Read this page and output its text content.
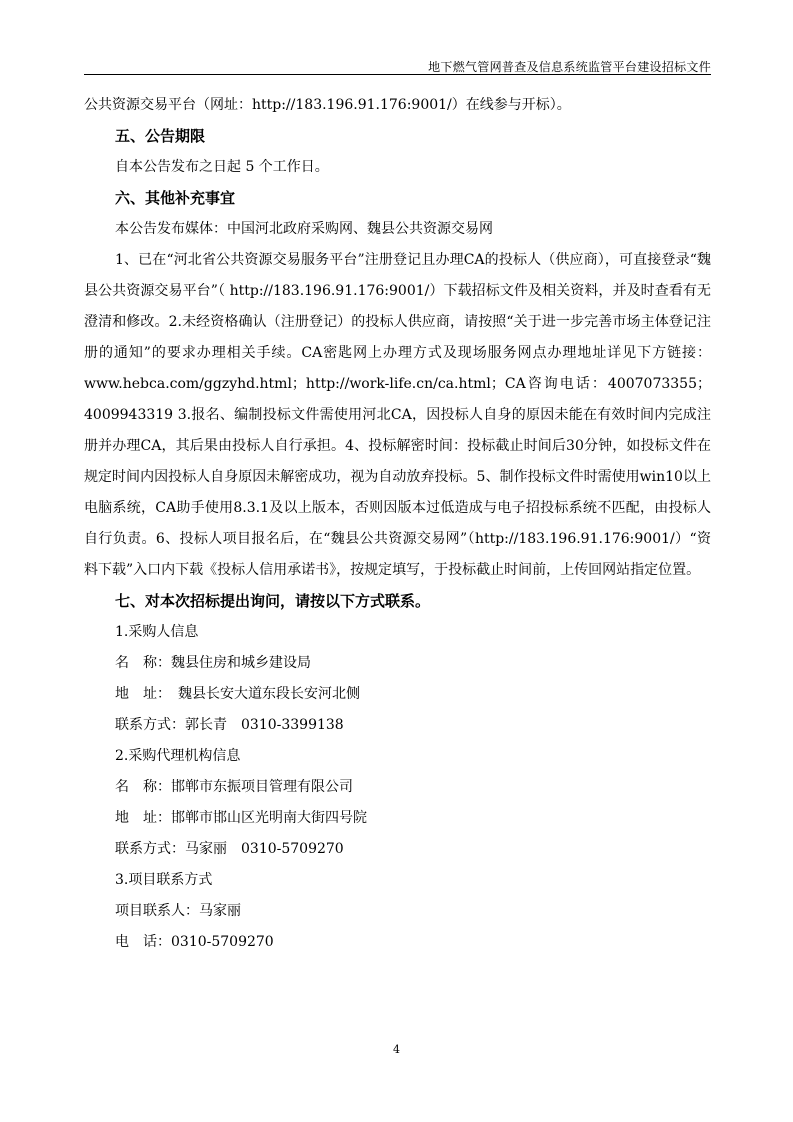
地下燃气管网普查及信息系统监管平台建设招标文件

公共资源交易平台（网址：http://183.196.91.176:9001/）在线参与开标）。

五、公告期限

自本公告发布之日起 5 个工作日。

六、其他补充事宜

本公告发布媒体：中国河北政府采购网、魏县公共资源交易网

1、已在“河北省公共资源交易服务平台”注册登记且办理CA的投标人（供应商），可直接登录“魏县公共资源交易平台”（ http://183.196.91.176:9001/）下载招标文件及相关资料，并及时查看有无澄清和修改。2.未经资格确认（注册登记）的投标人供应商，请按照“关于进一步完善市场主体登记注册的通知”的要求办理相关手续。CA密匙网上办理方式及现场服务网点办理地址详见下方链接：www.hebca.com/ggzyhd.html；http://work-life.cn/ca.html；CA咨询电话：4007073355；4009943319 3.报名、编制投标文件需使用河北CA，因投标人自身的原因未能在有效时间内完成注册并办理CA，其后果由投标人自行承担。4、投标解密时间：投标截止时间后30分钟，如投标文件在规定时间内因投标人自身原因未解密成功，视为自动放弃投标。5、制作投标文件时需使用win10以上电脑系统，CA助手使用8.3.1及以上版本，否则因版本过低造成与电子招投标系统不匹配，由投标人自行负责。6、投标人项目报名后，在“魏县公共资源交易网”（http://183.196.91.176:9001/）“资料下载”入口内下载《投标人信用承诺书》，按规定填写，于投标截止时间前，上传回网站指定位置。

七、对本次招标提出询问，请按以下方式联系。

1.采购人信息

名　称：魏县住房和城乡建设局

地　址：　魏县长安大道东段长安河北侧

联系方式：郭长青　0310-3399138

2.采购代理机构信息

名　称：邯郸市东振项目管理有限公司

地　址：邯郸市邯山区光明南大街四号院

联系方式：马家丽　0310-5709270

3.项目联系方式

项目联系人：马家丽

电　话：0310-5709270

4
